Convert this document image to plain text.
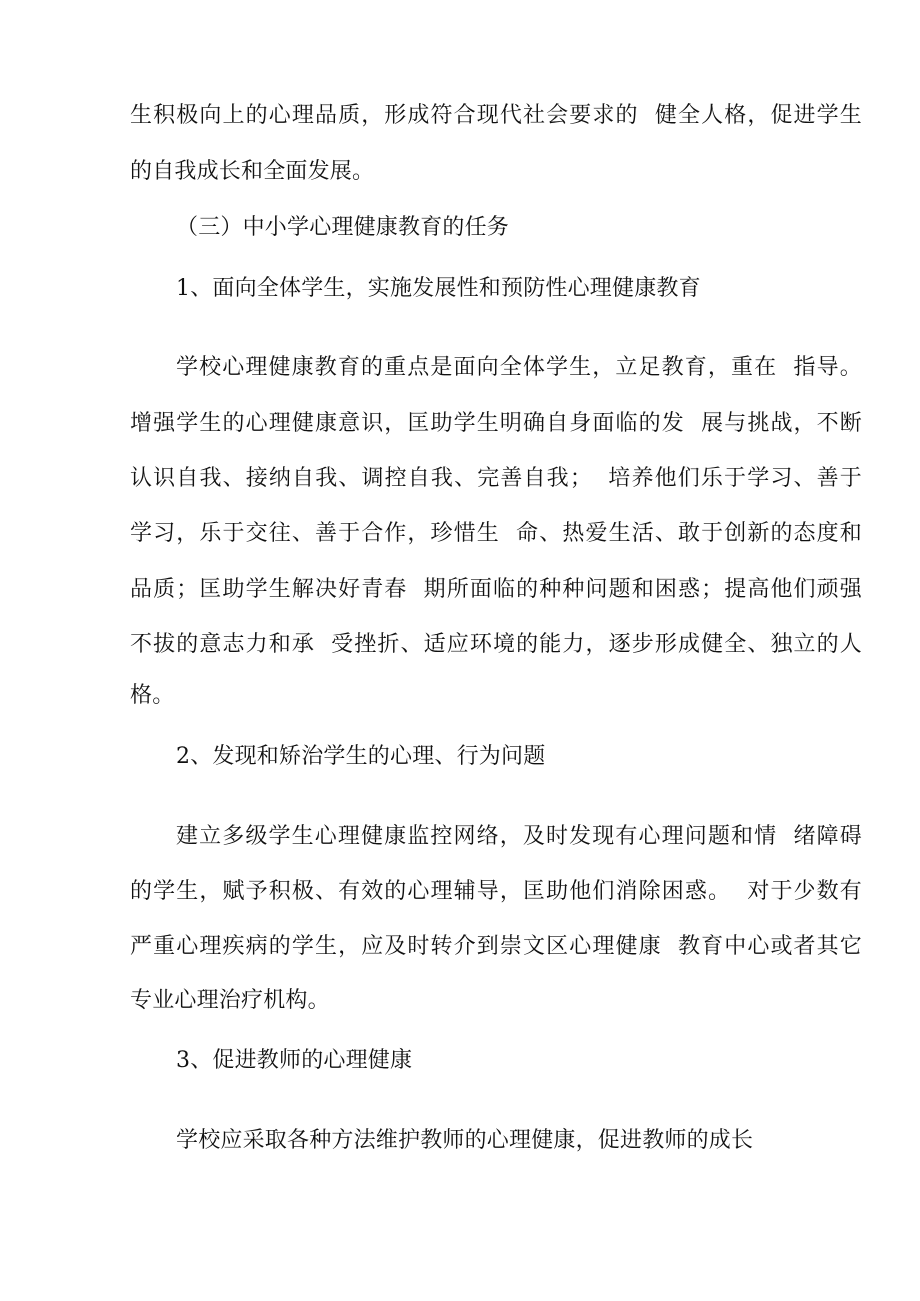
生积极向上的心理品质，形成符合现代社会要求的  健全人格，促进学生
的自我成长和全面发展。
（三）中小学心理健康教育的任务
1、面向全体学生，实施发展性和预防性心理健康教育
学校心理健康教育的重点是面向全体学生，立足教育，重在  指导。
增强学生的心理健康意识，匡助学生明确自身面临的发  展与挑战，不断
认识自我、接纳自我、调控自我、完善自我；  培养他们乐于学习、善于
学习，乐于交往、善于合作，珍惜生  命、热爱生活、敢于创新的态度和
品质；匡助学生解决好青春  期所面临的种种问题和困惑；提高他们顽强
不拔的意志力和承  受挫折、适应环境的能力，逐步形成健全、独立的人
格。
2、发现和矫治学生的心理、行为问题
建立多级学生心理健康监控网络，及时发现有心理问题和情  绪障碍
的学生，赋予积极、有效的心理辅导，匡助他们消除困惑。  对于少数有
严重心理疾病的学生，应及时转介到崇文区心理健康  教育中心或者其它
专业心理治疗机构。
3、促进教师的心理健康
学校应采取各种方法维护教师的心理健康，促进教师的成长
